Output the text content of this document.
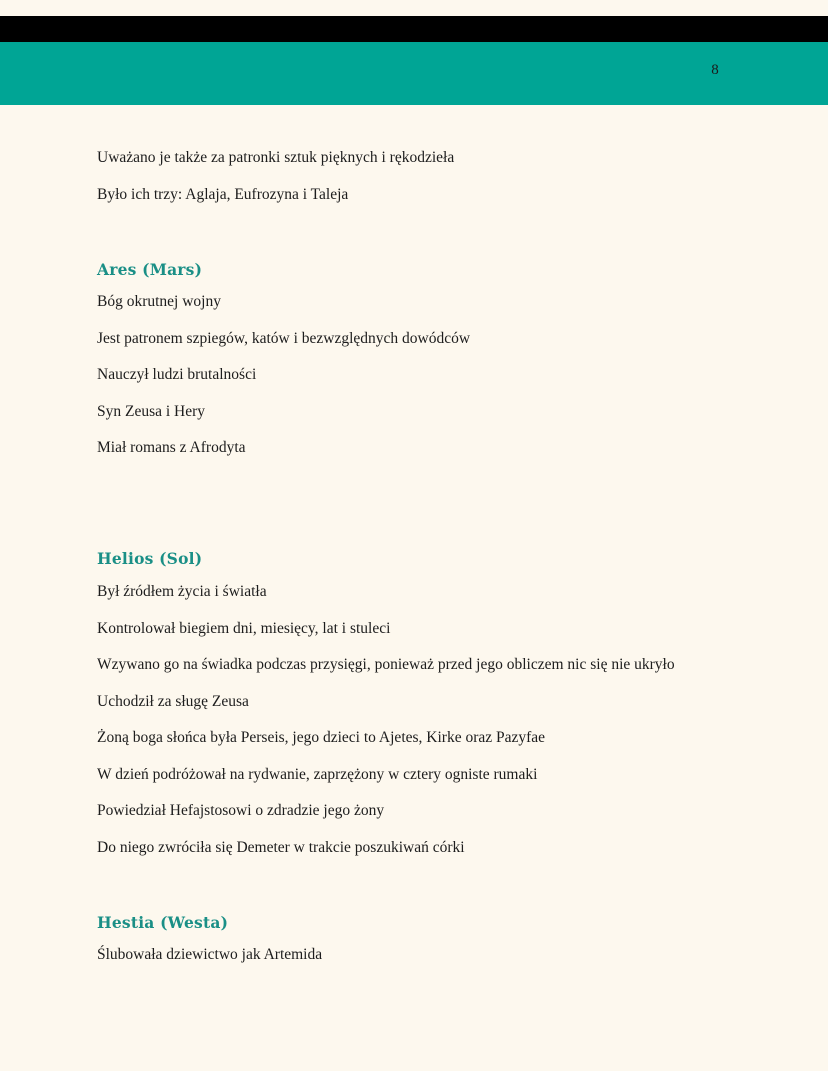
8
Uważano je także za patronki sztuk pięknych i rękodzieła
Było ich trzy: Aglaja, Eufrozyna i Taleja
Ares (Mars)
Bóg okrutnej wojny
Jest patronem szpiegów, katów i bezwzględnych dowódców
Nauczył ludzi brutalności
Syn Zeusa i Hery
Miał romans z Afrodyta
Helios (Sol)
Był źródłem życia i światła
Kontrolował biegiem dni, miesięcy, lat i stuleci
Wzywano go na świadka podczas przysięgi, ponieważ przed jego obliczem nic się nie ukryło
Uchodził za sługę Zeusa
Żoną boga słońca była Perseis, jego dzieci to Ajetes, Kirke oraz Pazyfae
W dzień podróżował na rydwanie, zaprzężony w cztery ogniste rumaki
Powiedział Hefajstosowi o zdradzie jego żony
Do niego zwróciła się Demeter w trakcie poszukiwań córki
Hestia (Westa)
Ślubowała dziewictwo jak Artemida
